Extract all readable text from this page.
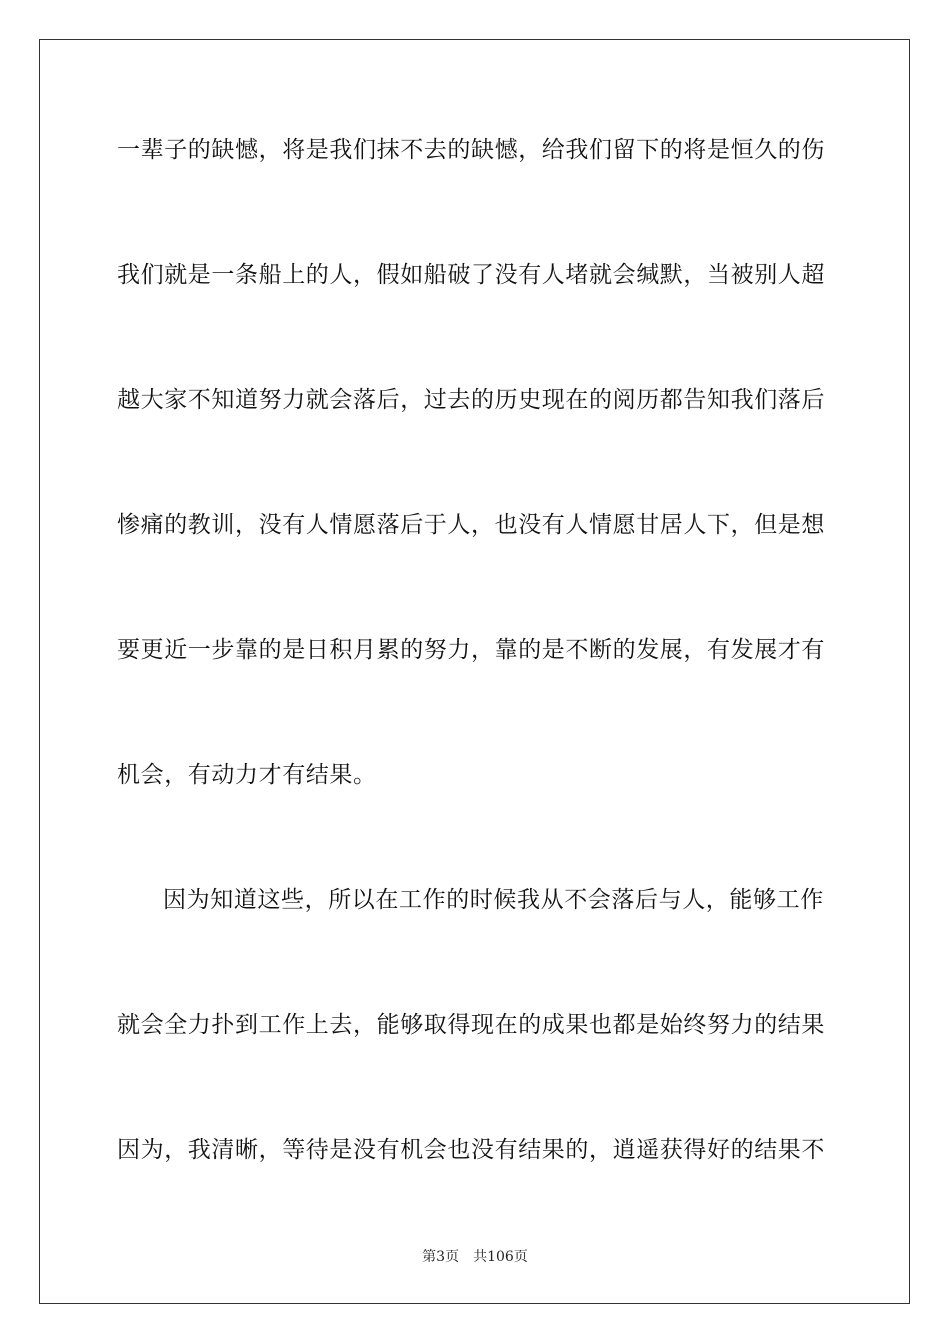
一辈子的缺憾，将是我们抹不去的缺憾，给我们留下的将是恒久的伤
我们就是一条船上的人，假如船破了没有人堵就会缄默，当被别人超
越大家不知道努力就会落后，过去的历史现在的阅历都告知我们落后
惨痛的教训，没有人情愿落后于人，也没有人情愿甘居人下，但是想
要更近一步靠的是日积月累的努力，靠的是不断的发展，有发展才有
机会，有动力才有结果。
因为知道这些，所以在工作的时候我从不会落后与人，能够工作
就会全力扑到工作上去，能够取得现在的成果也都是始终努力的结果
因为，我清晰，等待是没有机会也没有结果的，逍遥获得好的结果不
第3页 共106页
